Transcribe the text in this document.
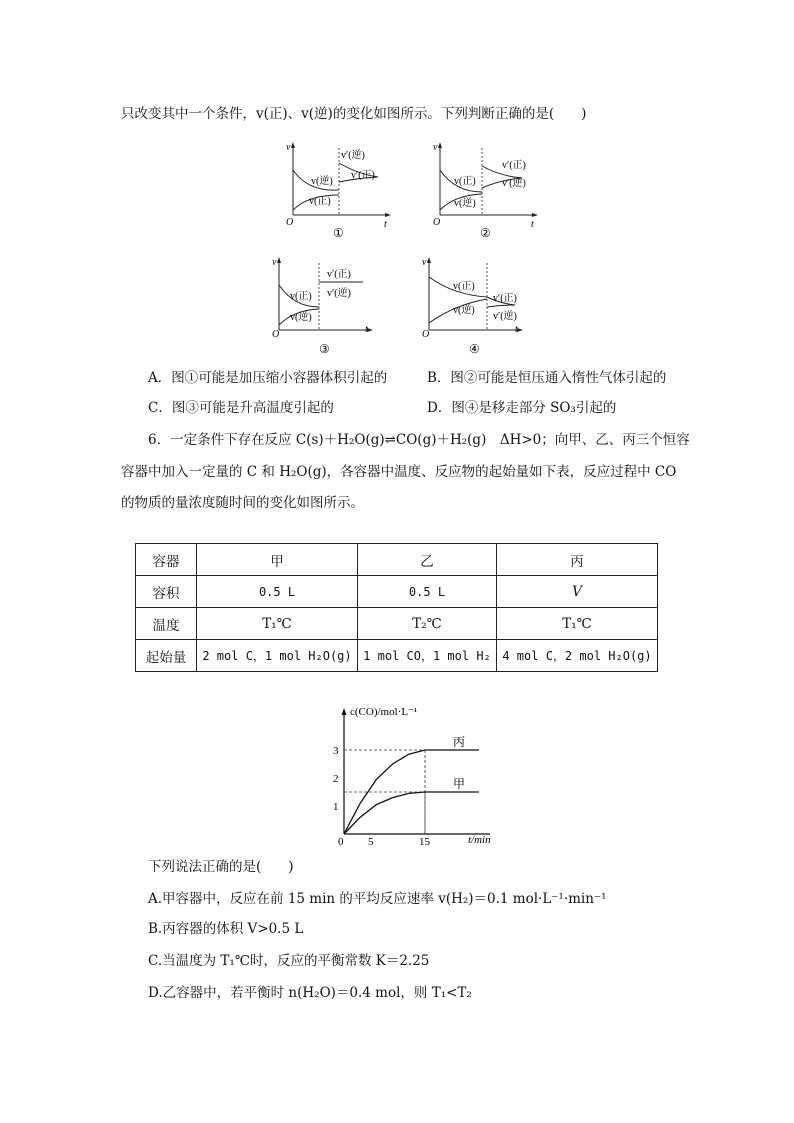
只改变其中一个条件，v(正)、v(逆)的变化如图所示。下列判断正确的是(　　)
v
t
O
v(逆)
v(正)
v′(逆)
v′(正)
①
v
t
O
v(正)
v(逆)
v′(正)
v′(逆)
②
v
t
O
v(正)
v(逆)
v′(正)
v′(逆)
③
v
t
O
v(正)
v(逆)
v′(正)
v′(逆)
④
A．图①可能是加压缩小容器体积引起的	B．图②可能是恒压通入惰性气体引起的
C．图③可能是升高温度引起的	D．图④是移走部分 SO₃引起的
6．一定条件下存在反应 C(s)＋H₂O(g)⇌CO(g)＋H₂(g)　ΔH>0；向甲、乙、丙三个恒容
容器中加入一定量的 C 和 H₂O(g)，各容器中温度、反应物的起始量如下表，反应过程中 CO
的物质的量浓度随时间的变化如图所示。
容器	甲	乙	丙
容积	0.5 L	0.5 L	V
温度	T₁℃	T₂℃	T₁℃
起始量	2 mol C，1 mol H₂O(g)	1 mol CO，1 mol H₂	4 mol C，2 mol H₂O(g)
c(CO)/mol·L⁻¹
t/min
0 5	15
1
2
3
丙
甲
下列说法正确的是(　　)
A.甲容器中，反应在前 15 min 的平均反应速率 v(H₂)＝0.1 mol·L⁻¹·min⁻¹
B.丙容器的体积 V>0.5 L
C.当温度为 T₁℃时，反应的平衡常数 K＝2.25
D.乙容器中，若平衡时 n(H₂O)＝0.4 mol，则 T₁<T₂
